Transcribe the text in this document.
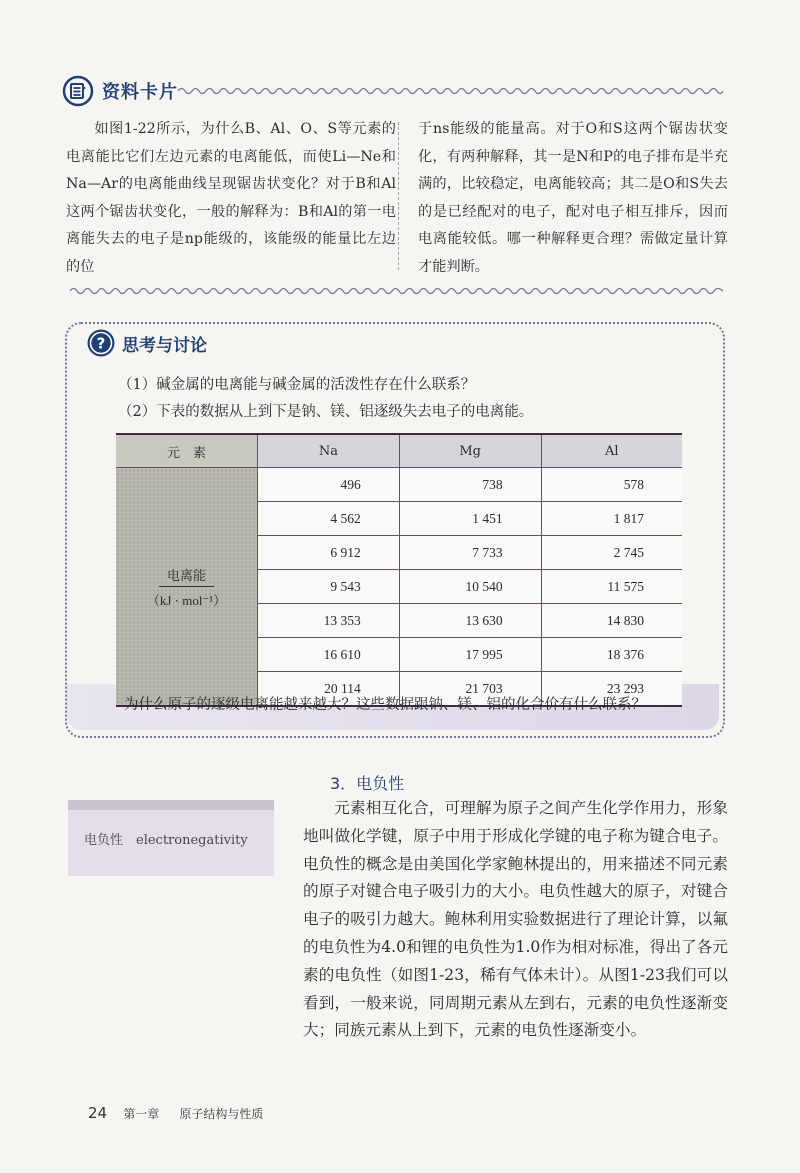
资料卡片

如图1-22所示，为什么B、Al、O、S等元素的电离能比它们左边元素的电离能低，而使Li—Ne和Na—Ar的电离能曲线呈现锯齿状变化？对于B和Al这两个锯齿状变化，一般的解释为：B和Al的第一电离能失去的电子是np能级的，该能级的能量比左边的位

于ns能级的能量高。对于O和S这两个锯齿状变化，有两种解释，其一是N和P的电子排布是半充满的，比较稳定，电离能较高；其二是O和S失去的是已经配对的电子，配对电子相互排斥，因而电离能较低。哪一种解释更合理？需做定量计算才能判断。

? 思考与讨论
（1）碱金属的电离能与碱金属的活泼性存在什么联系？
（2）下表的数据从上到下是钠、镁、铝逐级失去电子的电离能。
元　素	Na	Mg	Al

$\frac{\text{电离能}}{\text{（kJ · mol⁻¹）}}$	496	738	578
	4 562	1 451	1 817
	6 912	7 733	2 745
	9 543	10 540	11 575
	13 353	13 630	14 830
	16 610	17 995	18 376
	20 114	21 703	23 293
为什么原子的逐级电离能越来越大？这些数据跟钠、镁、铝的化合价有什么联系？
3．电负性
电负性　electronegativity

元素相互化合，可理解为原子之间产生化学作用力，形象地叫做化学键，原子中用于形成化学键的电子称为键合电子。电负性的概念是由美国化学家鲍林提出的，用来描述不同元素的原子对键合电子吸引力的大小。电负性越大的原子，对键合电子的吸引力越大。鲍林利用实验数据进行了理论计算，以氟的电负性为4.0和锂的电负性为1.0作为相对标准，得出了各元素的电负性（如图1-23，稀有气体未计）。从图1-23我们可以看到，一般来说，同周期元素从左到右，元素的电负性逐渐变大；同族元素从上到下，元素的电负性逐渐变小。

24 第一章 原子结构与性质
